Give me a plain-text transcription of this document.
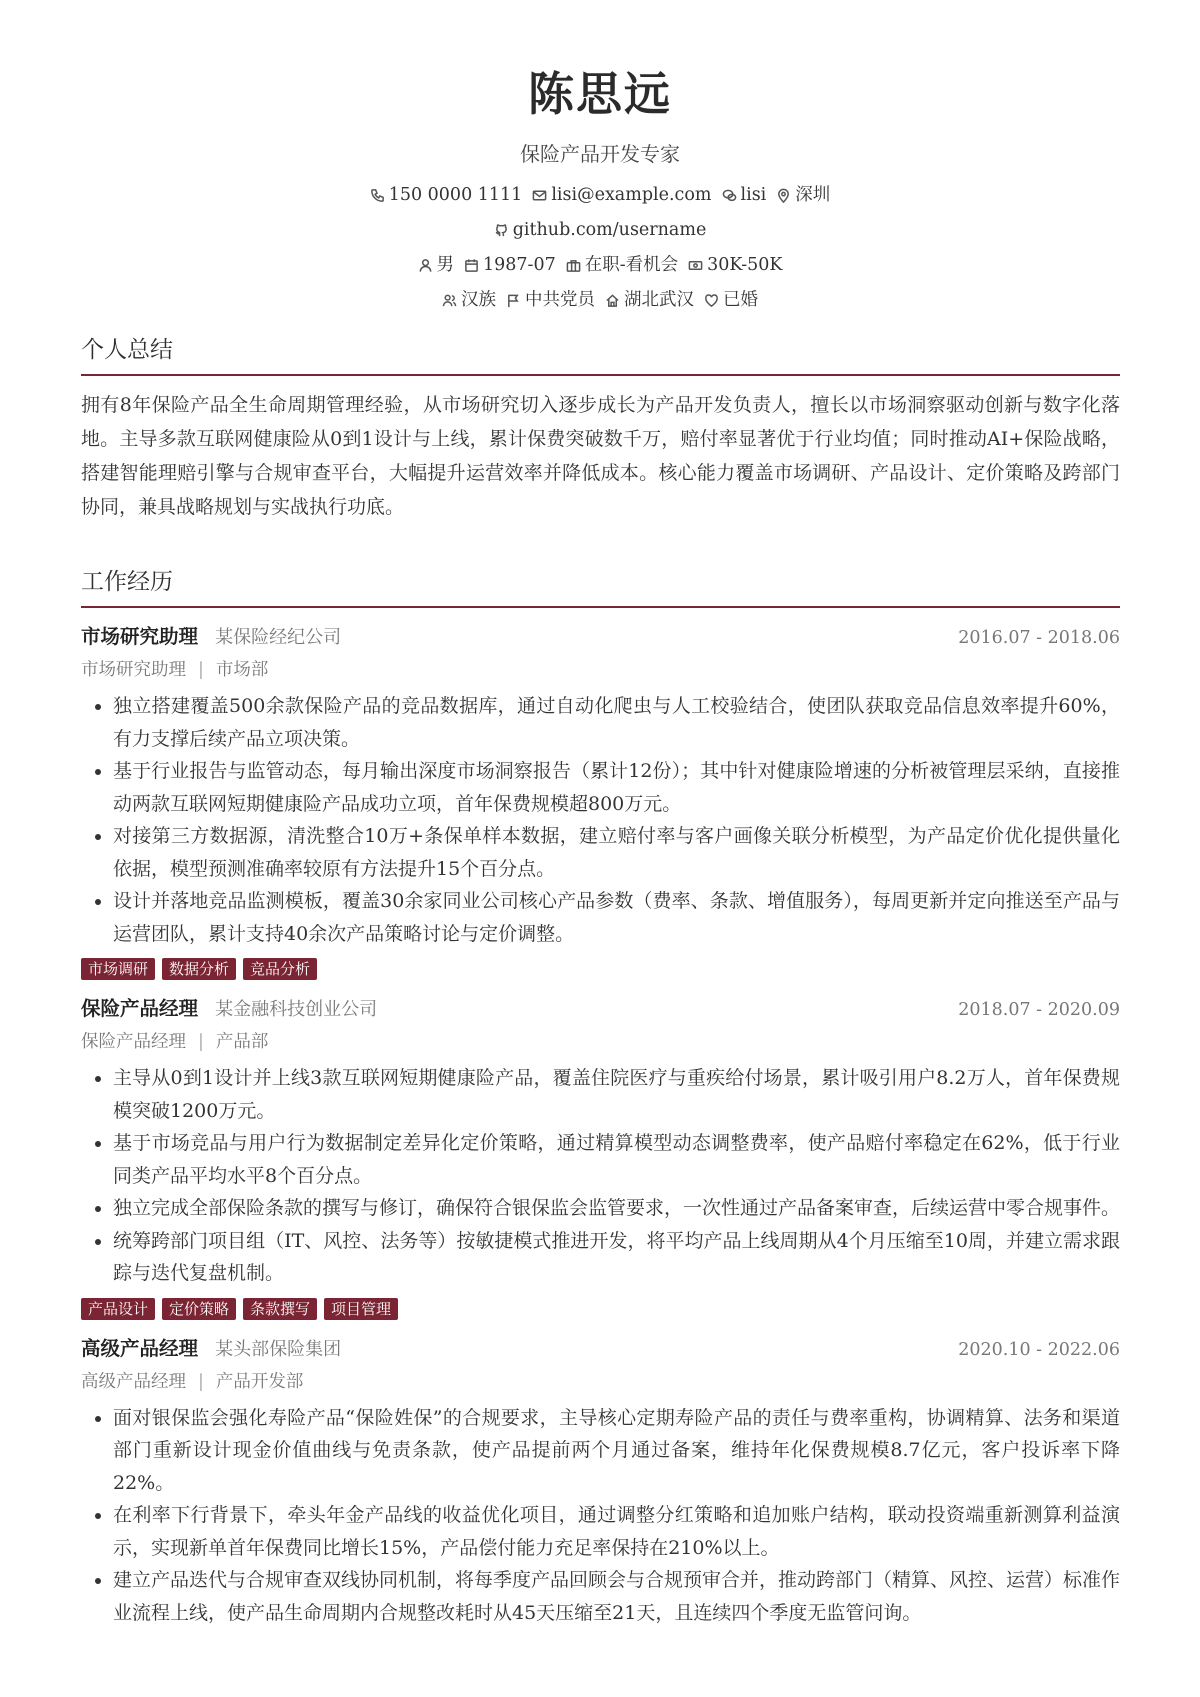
陈思远
保险产品开发专家
150 0000 1111 lisi@example.com lisi 深圳
github.com/username
男 1987-07 在职-看机会 30K-50K
汉族 中共党员 湖北武汉 已婚
个人总结
拥有8年保险产品全生命周期管理经验，从市场研究切入逐步成长为产品开发负责人，擅长以市场洞察驱动创新与数字化落地。主导多款互联网健康险从0到1设计与上线，累计保费突破数千万，赔付率显著优于行业均值；同时推动AI+保险战略，搭建智能理赔引擎与合规审查平台，大幅提升运营效率并降低成本。核心能力覆盖市场调研、产品设计、定价策略及跨部门协同，兼具战略规划与实战执行功底。
工作经历
市场研究助理 某保险经纪公司	2016.07 - 2018.06
市场研究助理 | 市场部
• 独立搭建覆盖500余款保险产品的竞品数据库，通过自动化爬虫与人工校验结合，使团队获取竞品信息效率提升60%，有力支撑后续产品立项决策。
• 基于行业报告与监管动态，每月输出深度市场洞察报告（累计12份）；其中针对健康险增速的分析被管理层采纳，直接推动两款互联网短期健康险产品成功立项，首年保费规模超800万元。
• 对接第三方数据源，清洗整合10万+条保单样本数据，建立赔付率与客户画像关联分析模型，为产品定价优化提供量化依据，模型预测准确率较原有方法提升15个百分点。
• 设计并落地竞品监测模板，覆盖30余家同业公司核心产品参数（费率、条款、增值服务），每周更新并定向推送至产品与运营团队，累计支持40余次产品策略讨论与定价调整。
市场调研	数据分析	竞品分析
保险产品经理 某金融科技创业公司	2018.07 - 2020.09
保险产品经理 | 产品部
• 主导从0到1设计并上线3款互联网短期健康险产品，覆盖住院医疗与重疾给付场景，累计吸引用户8.2万人，首年保费规模突破1200万元。
• 基于市场竞品与用户行为数据制定差异化定价策略，通过精算模型动态调整费率，使产品赔付率稳定在62%，低于行业同类产品平均水平8个百分点。
• 独立完成全部保险条款的撰写与修订，确保符合银保监会监管要求，一次性通过产品备案审查，后续运营中零合规事件。
• 统筹跨部门项目组（IT、风控、法务等）按敏捷模式推进开发，将平均产品上线周期从4个月压缩至10周，并建立需求跟踪与迭代复盘机制。
产品设计	定价策略	条款撰写	项目管理
高级产品经理 某头部保险集团	2020.10 - 2022.06
高级产品经理 | 产品开发部
• 面对银保监会强化寿险产品“保险姓保”的合规要求，主导核心定期寿险产品的责任与费率重构，协调精算、法务和渠道部门重新设计现金价值曲线与免责条款，使产品提前两个月通过备案，维持年化保费规模8.7亿元，客户投诉率下降22%。
• 在利率下行背景下，牵头年金产品线的收益优化项目，通过调整分红策略和追加账户结构，联动投资端重新测算利益演示，实现新单首年保费同比增长15%，产品偿付能力充足率保持在210%以上。
• 建立产品迭代与合规审查双线协同机制，将每季度产品回顾会与合规预审合并，推动跨部门（精算、风控、运营）标准作业流程上线，使产品生命周期内合规整改耗时从45天压缩至21天，且连续四个季度无监管问询。
